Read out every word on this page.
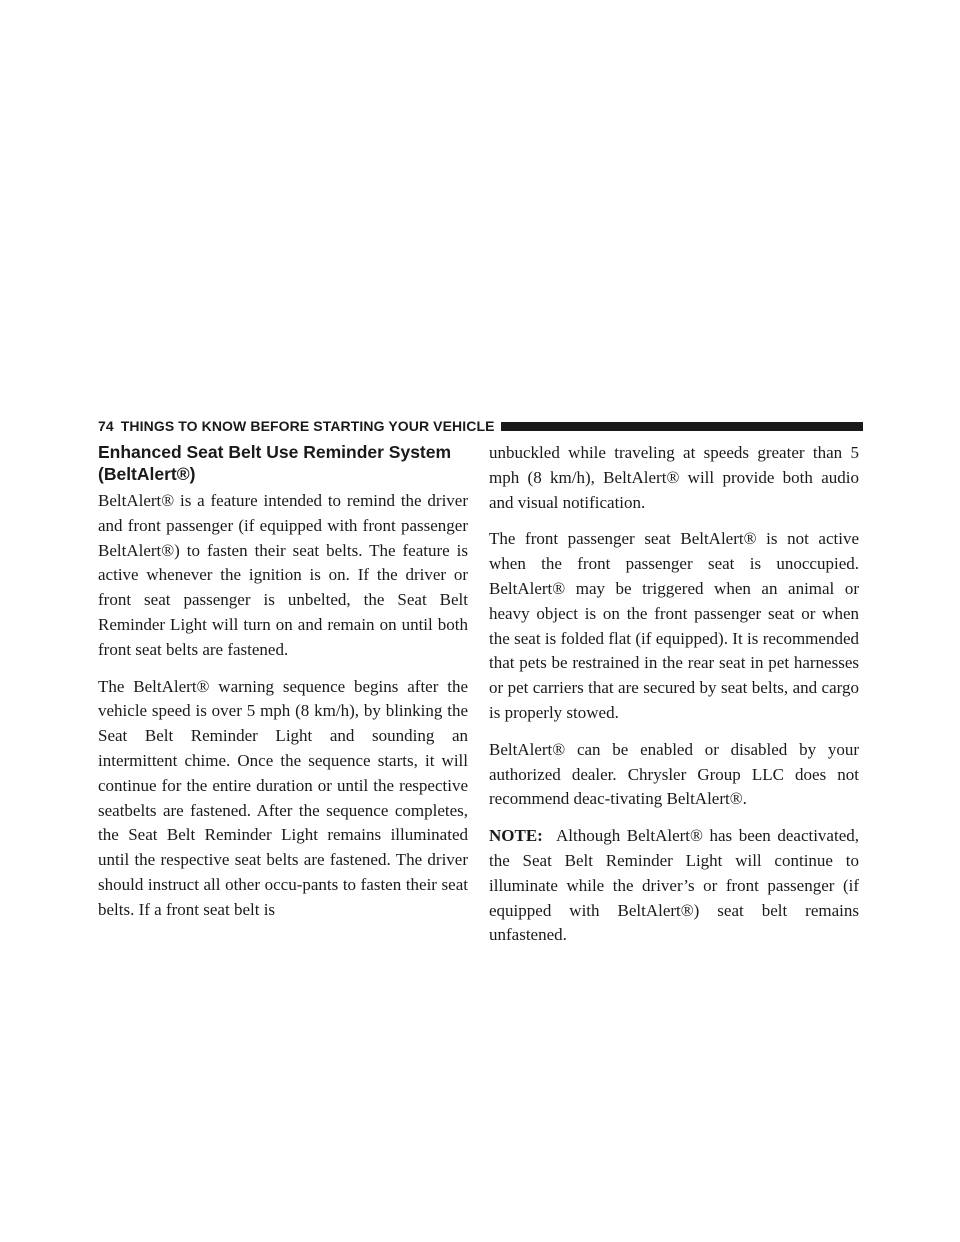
74 THINGS TO KNOW BEFORE STARTING YOUR VEHICLE
Enhanced Seat Belt Use Reminder System (BeltAlert®)

BeltAlert® is a feature intended to remind the driver and front passenger (if equipped with front passenger BeltAlert®) to fasten their seat belts. The feature is active whenever the ignition is on. If the driver or front seat passenger is unbelted, the Seat Belt Reminder Light will turn on and remain on until both front seat belts are fastened.

The BeltAlert® warning sequence begins after the vehicle speed is over 5 mph (8 km/h), by blinking the Seat Belt Reminder Light and sounding an intermittent chime. Once the sequence starts, it will continue for the entire duration or until the respective seatbelts are fastened. After the sequence completes, the Seat Belt Reminder Light remains illuminated until the respective seat belts are fastened. The driver should instruct all other occu-pants to fasten their seat belts. If a front seat belt is

unbuckled while traveling at speeds greater than 5 mph (8 km/h), BeltAlert® will provide both audio and visual notification.

The front passenger seat BeltAlert® is not active when the front passenger seat is unoccupied. BeltAlert® may be triggered when an animal or heavy object is on the front passenger seat or when the seat is folded flat (if equipped). It is recommended that pets be restrained in the rear seat in pet harnesses or pet carriers that are secured by seat belts, and cargo is properly stowed.

BeltAlert® can be enabled or disabled by your authorized dealer. Chrysler Group LLC does not recommend deac-tivating BeltAlert®.

NOTE: Although BeltAlert® has been deactivated, the Seat Belt Reminder Light will continue to illuminate while the driver’s or front passenger (if equipped with BeltAlert®) seat belt remains unfastened.
